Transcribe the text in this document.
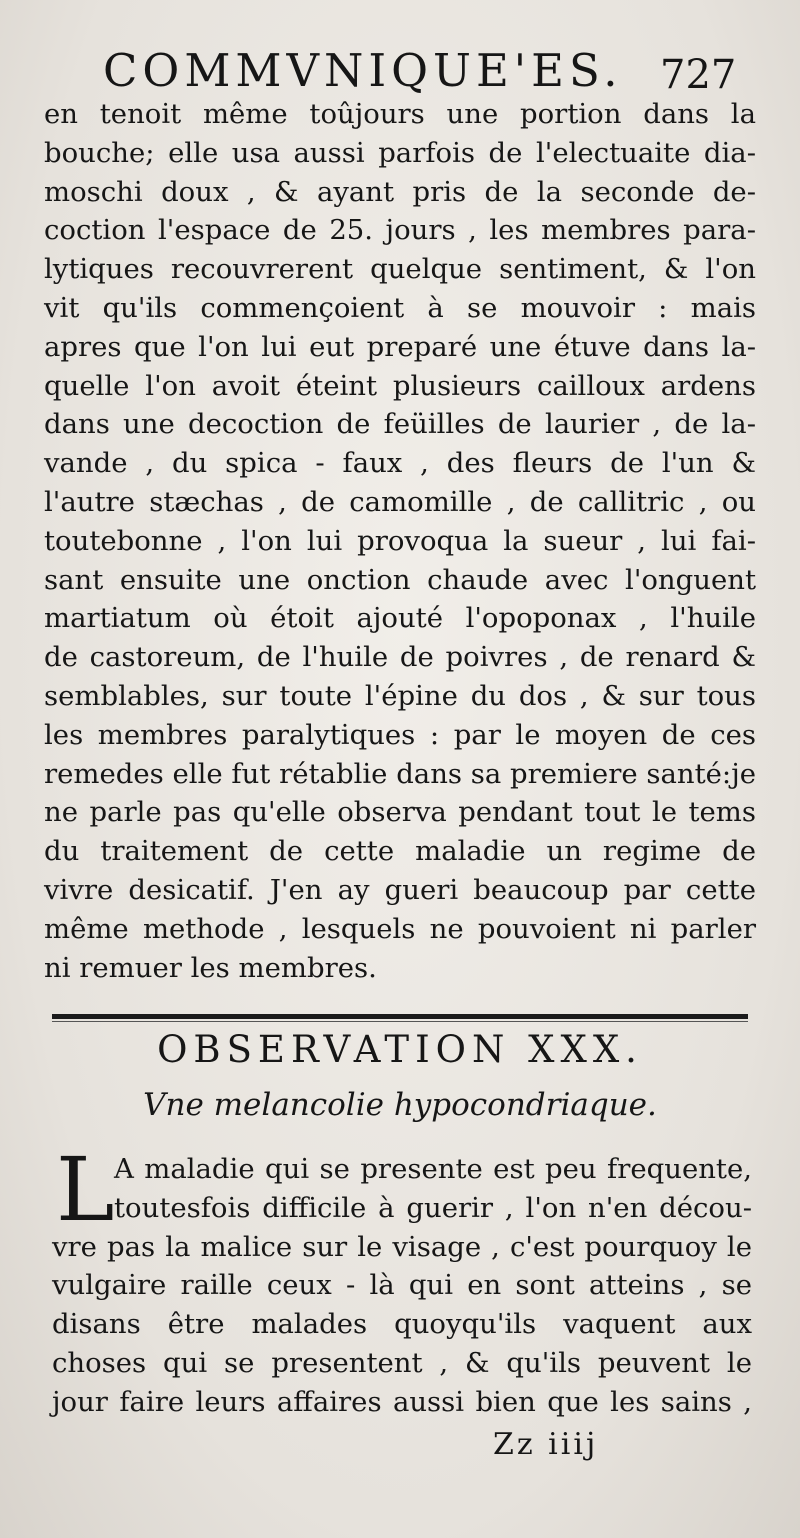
COMMVNIQUE'ES. 727
en tenoit même toûjours une portion dans la
bouche; elle usa aussi parfois de l'electuaite dia-
moschi doux , & ayant pris de la seconde de-
coction l'espace de 25. jours , les membres para-
lytiques recouvrerent quelque sentiment, & l'on
vit qu'ils commençoient à se mouvoir : mais
apres que l'on lui eut preparé une étuve dans la-
quelle l'on avoit éteint plusieurs cailloux ardens
dans une decoction de feüilles de laurier , de la-
vande , du spica - faux , des fleurs de l'un &
l'autre stæchas , de camomille , de callitric , ou
toutebonne , l'on lui provoqua la sueur , lui fai-
sant ensuite une onction chaude avec l'onguent
martiatum où étoit ajouté l'opoponax , l'huile
de castoreum, de l'huile de poivres , de renard &
semblables, sur toute l'épine du dos , & sur tous
les membres paralytiques : par le moyen de ces
remedes elle fut rétablie dans sa premiere santé:je
ne parle pas qu'elle observa pendant tout le tems
du traitement de cette maladie un regime de
vivre desicatif. J'en ay gueri beaucoup par cette
même methode , lesquels ne pouvoient ni parler
ni remuer les membres.
OBSERVATION XXX.
Vne melancolie hypocondriaque.
L A maladie qui se presente est peu frequente,
toutesfois difficile à guerir , l'on n'en décou-
vre pas la malice sur le visage , c'est pourquoy le
vulgaire raille ceux - là qui en sont atteins , se
disans être malades quoyqu'ils vaquent aux
choses qui se presentent , & qu'ils peuvent le
jour faire leurs affaires aussi bien que les sains ,
Zz iiij
